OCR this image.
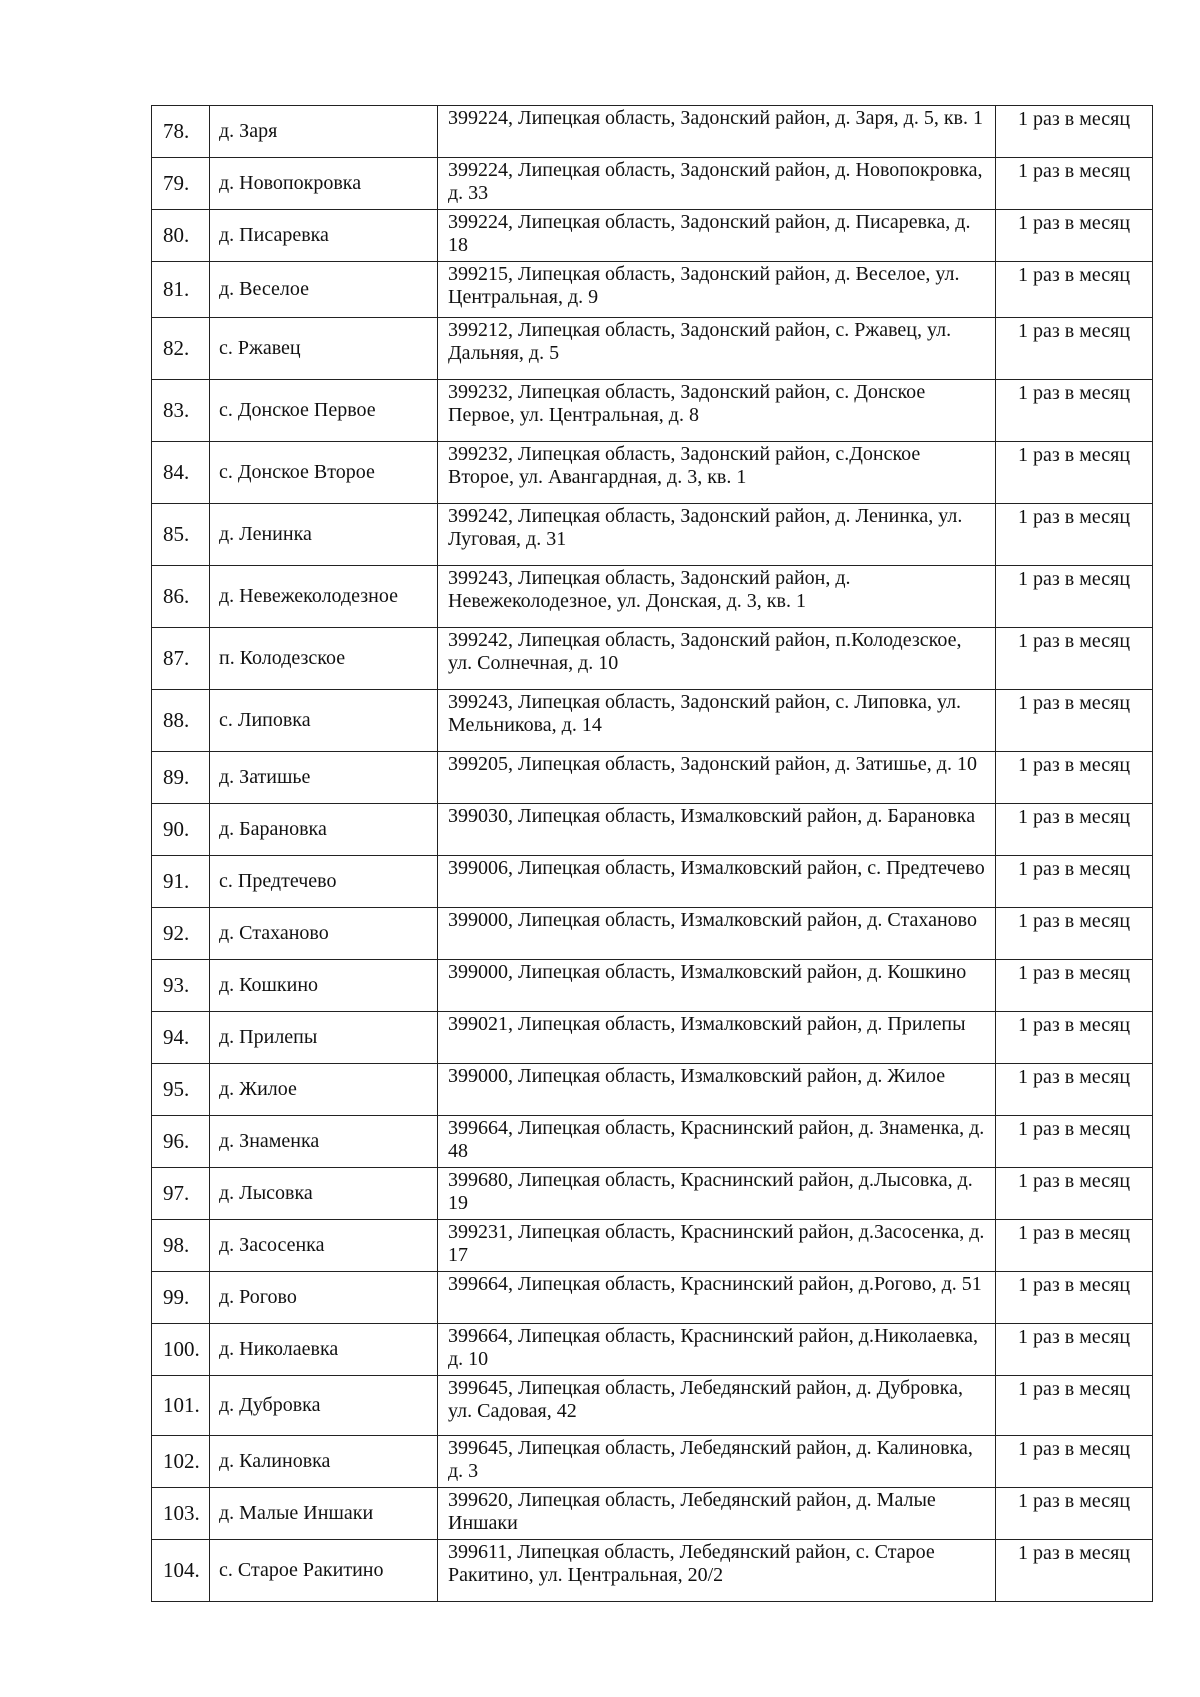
78.	д. Заря	399224, Липецкая область, Задонский район, д. Заря, д. 5, кв. 1	1 раз в месяц
79.	д. Новопокровка	399224, Липецкая область, Задонский район, д. Новопокровка, д. 33	1 раз в месяц
80.	д. Писаревка	399224, Липецкая область, Задонский район, д. Писаревка, д. 18	1 раз в месяц
81.	д. Веселое	399215, Липецкая область, Задонский район, д. Веселое, ул. Центральная, д. 9	1 раз в месяц
82.	с. Ржавец	399212, Липецкая область, Задонский район, с. Ржавец, ул. Дальняя, д. 5	1 раз в месяц
83.	с. Донское Первое	399232, Липецкая область, Задонский район, с. Донское Первое, ул. Центральная, д. 8	1 раз в месяц
84.	с. Донское Второе	399232, Липецкая область, Задонский район, с.Донское Второе, ул. Авангардная, д. 3, кв. 1	1 раз в месяц
85.	д. Ленинка	399242, Липецкая область, Задонский район, д. Ленинка, ул. Луговая, д. 31	1 раз в месяц
86.	д. Невежеколодезное	399243, Липецкая область, Задонский район, д. Невежеколодезное, ул. Донская, д. 3, кв. 1	1 раз в месяц
87.	п. Колодезское	399242, Липецкая область, Задонский район, п.Колодезское, ул. Солнечная, д. 10	1 раз в месяц
88.	с. Липовка	399243, Липецкая область, Задонский район, с. Липовка, ул. Мельникова, д. 14	1 раз в месяц
89.	д. Затишье	399205, Липецкая область, Задонский район, д. Затишье, д. 10	1 раз в месяц
90.	д. Барановка	399030, Липецкая область, Измалковский район, д. Барановка	1 раз в месяц
91.	с. Предтечево	399006, Липецкая область, Измалковский район, с. Предтечево	1 раз в месяц
92.	д. Стаханово	399000, Липецкая область, Измалковский район, д. Стаханово	1 раз в месяц
93.	д. Кошкино	399000, Липецкая область, Измалковский район, д. Кошкино	1 раз в месяц
94.	д. Прилепы	399021, Липецкая область, Измалковский район, д. Прилепы	1 раз в месяц
95.	д. Жилое	399000, Липецкая область, Измалковский район, д. Жилое	1 раз в месяц
96.	д. Знаменка	399664, Липецкая область, Краснинский район, д. Знаменка, д. 48	1 раз в месяц
97.	д. Лысовка	399680, Липецкая область, Краснинский район, д.Лысовка, д. 19	1 раз в месяц
98.	д. Засосенка	399231, Липецкая область, Краснинский район, д.Засосенка, д. 17	1 раз в месяц
99.	д. Рогово	399664, Липецкая область, Краснинский район, д.Рогово, д. 51	1 раз в месяц
100.	д. Николаевка	399664, Липецкая область, Краснинский район, д.Николаевка, д. 10	1 раз в месяц
101.	д. Дубровка	399645, Липецкая область, Лебедянский район, д. Дубровка, ул. Садовая, 42	1 раз в месяц
102.	д. Калиновка	399645, Липецкая область, Лебедянский район, д. Калиновка, д. 3	1 раз в месяц
103.	д. Малые Иншаки	399620, Липецкая область, Лебедянский район, д. Малые Иншаки	1 раз в месяц
104.	с. Старое Ракитино	399611, Липецкая область, Лебедянский район, с. Старое Ракитино, ул. Центральная, 20/2	1 раз в месяц
